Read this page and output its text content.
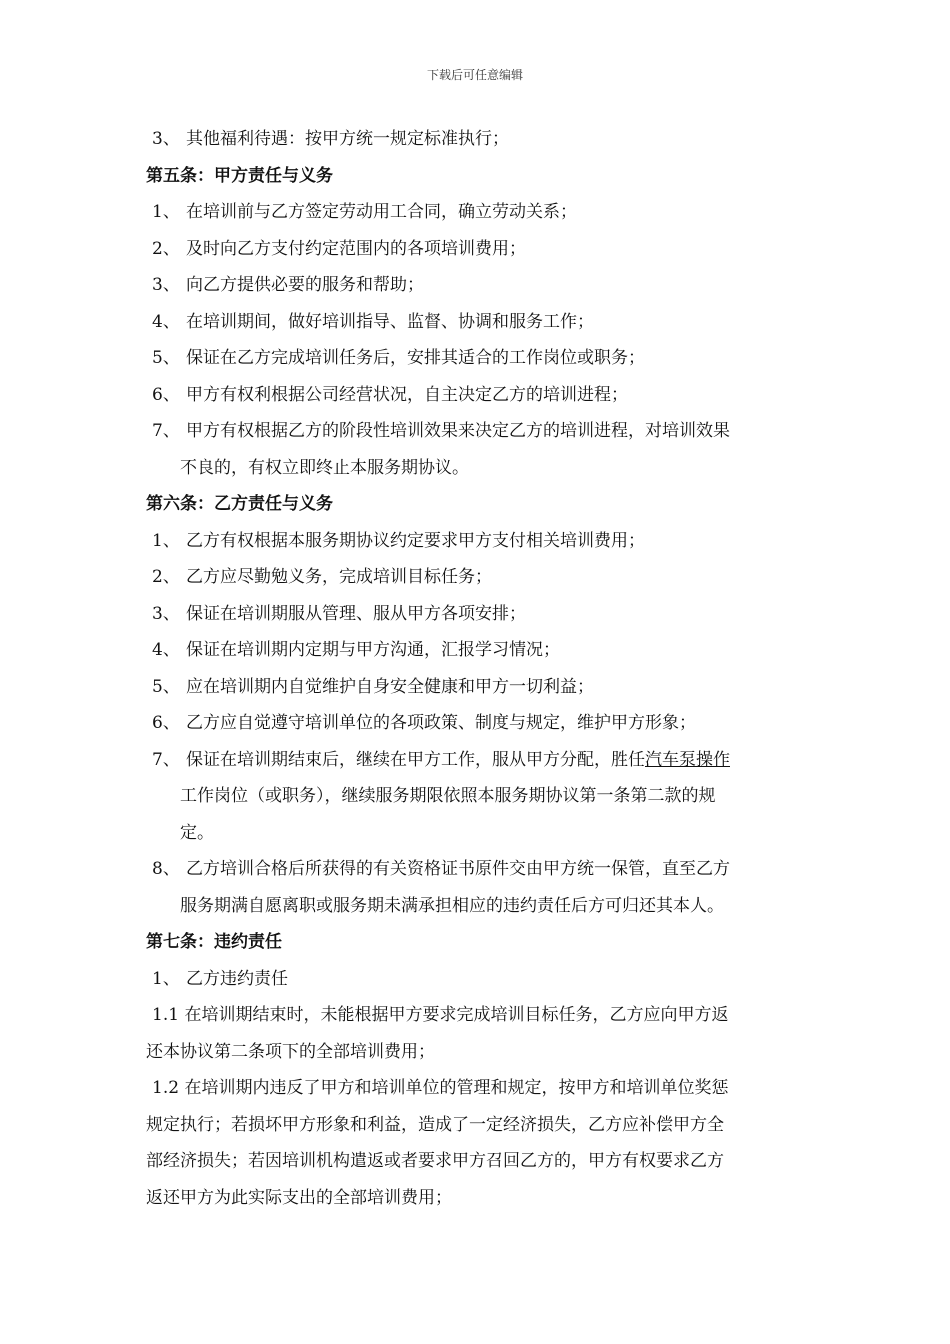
下载后可任意编辑
3、 其他福利待遇：按甲方统一规定标准执行；
第五条：甲方责任与义务
1、 在培训前与乙方签定劳动用工合同，确立劳动关系；
2、 及时向乙方支付约定范围内的各项培训费用；
3、 向乙方提供必要的服务和帮助；
4、 在培训期间，做好培训指导、监督、协调和服务工作；
5、 保证在乙方完成培训任务后，安排其适合的工作岗位或职务；
6、 甲方有权利根据公司经营状况，自主决定乙方的培训进程；
7、 甲方有权根据乙方的阶段性培训效果来决定乙方的培训进程，对培训效果
不良的，有权立即终止本服务期协议。
第六条：乙方责任与义务
1、 乙方有权根据本服务期协议约定要求甲方支付相关培训费用；
2、 乙方应尽勤勉义务，完成培训目标任务；
3、 保证在培训期服从管理、服从甲方各项安排；
4、 保证在培训期内定期与甲方沟通，汇报学习情况；
5、 应在培训期内自觉维护自身安全健康和甲方一切利益；
6、 乙方应自觉遵守培训单位的各项政策、制度与规定，维护甲方形象；
7、 保证在培训期结束后，继续在甲方工作，服从甲方分配，胜任汽车泵操作
工作岗位（或职务），继续服务期限依照本服务期协议第一条第二款的规
定。
8、 乙方培训合格后所获得的有关资格证书原件交由甲方统一保管，直至乙方
服务期满自愿离职或服务期未满承担相应的违约责任后方可归还其本人。
第七条：违约责任
1、 乙方违约责任
1.1 在培训期结束时，未能根据甲方要求完成培训目标任务，乙方应向甲方返
还本协议第二条项下的全部培训费用；
1.2 在培训期内违反了甲方和培训单位的管理和规定，按甲方和培训单位奖惩
规定执行；若损坏甲方形象和利益，造成了一定经济损失，乙方应补偿甲方全
部经济损失；若因培训机构遣返或者要求甲方召回乙方的，甲方有权要求乙方
返还甲方为此实际支出的全部培训费用；
